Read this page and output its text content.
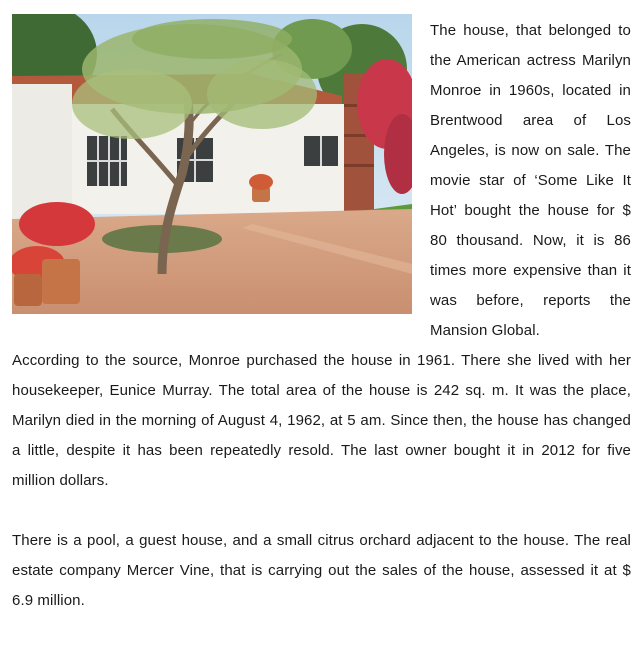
The house, that belonged to the American actress Marilyn Monroe in 1960s, located in Brentwood area of Los Angeles, is now on sale. The movie star of ‘Some Like It Hot’ bought the house for $ 80 thousand. Now, it is 86 times more expensive than it was before, reports the Mansion Global.

According to the source, Monroe purchased the house in 1961. There she lived with her housekeeper, Eunice Murray. The total area of the house is 242 sq. m. It was the place, Marilyn died in the morning of August 4, 1962, at 5 am. Since then, the house has changed a little, despite it has been repeatedly resold. The last owner bought it in 2012 for five million dollars.

There is a pool, a guest house, and a small citrus orchard adjacent to the house. The real estate company Mercer Vine, that is carrying out the sales of the house, assessed it at $ 6.9 million.
